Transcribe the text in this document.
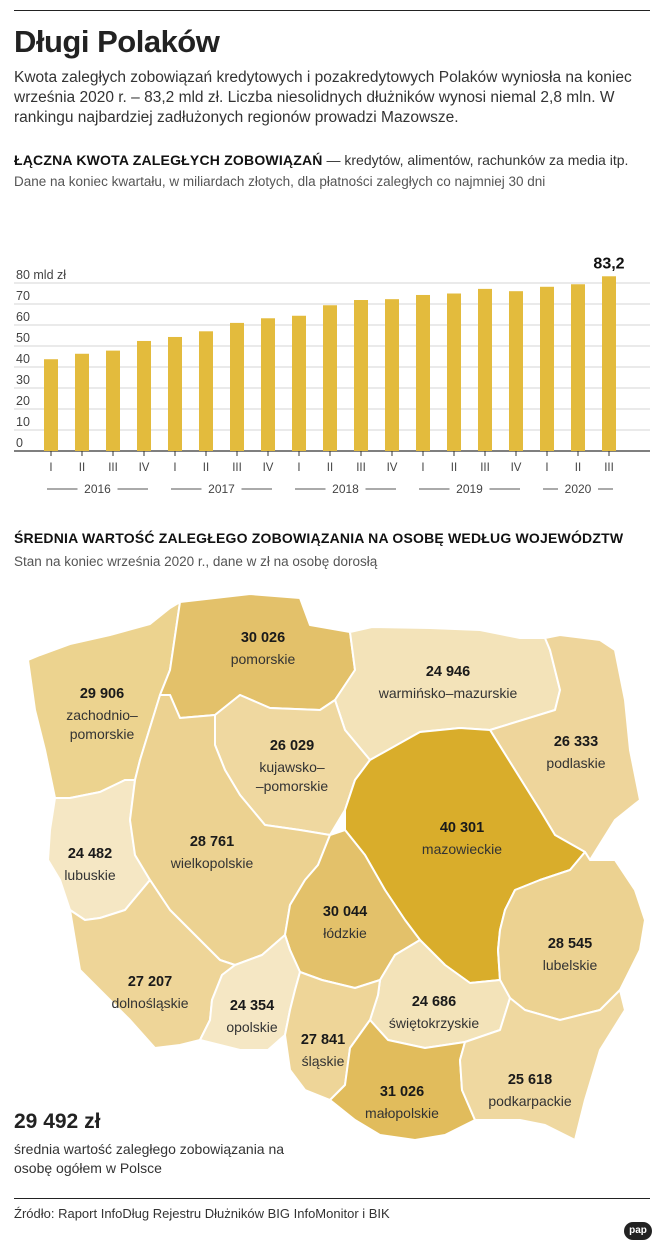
Długi Polaków
Kwota zaległych zobowiązań kredytowych i pozakredytowych Polaków wyniosła na koniec września 2020 r. – 83,2 mld zł. Liczba niesolidnych dłużników wynosi niemal 2,8 mln. W rankingu najbardziej zadłużonych regionów prowadzi Mazowsze.
ŁĄCZNA KWOTA ZALEGŁYCH ZOBOWIĄZAŃ — kredytów, alimentów, rachunków za media itp.
Dane na koniec kwartału, w miliardach złotych, dla płatności zaległych co najmniej 30 dni
80 mld zł
70
60
50
40
30
20
10
0
I II III IV I II III IV I II III IV I II III IV I II III
83,2
2016	2017	2018	2019	2020
ŚREDNIA WARTOŚĆ ZALEGŁEGO ZOBOWIĄZANIA NA OSOBĘ WEDŁUG WOJEWÓDZTW
Stan na koniec września 2020 r., dane w zł na osobę dorosłą
30 026
pomorskie
29 906
zachodnio–
pomorskie
24 946
warmińsko–mazurskie
26 029
kujawsko–
–pomorskie
26 333
podlaskie
24 482
lubuskie
28 761
wielkopolskie
40 301
mazowieckie
30 044
łódzkie
28 545
lubelskie
27 207
dolnośląskie	24 354
opolskie
24 686
świętokrzyskie
27 841
śląskie
31 026
małopolskie
25 618
podkarpackie
29 492 zł
średnia wartość zaległego zobowiązania na osobę ogółem w Polsce
Źródło: Raport InfoDług Rejestru Dłużników BIG InfoMonitor i BIK
pap
